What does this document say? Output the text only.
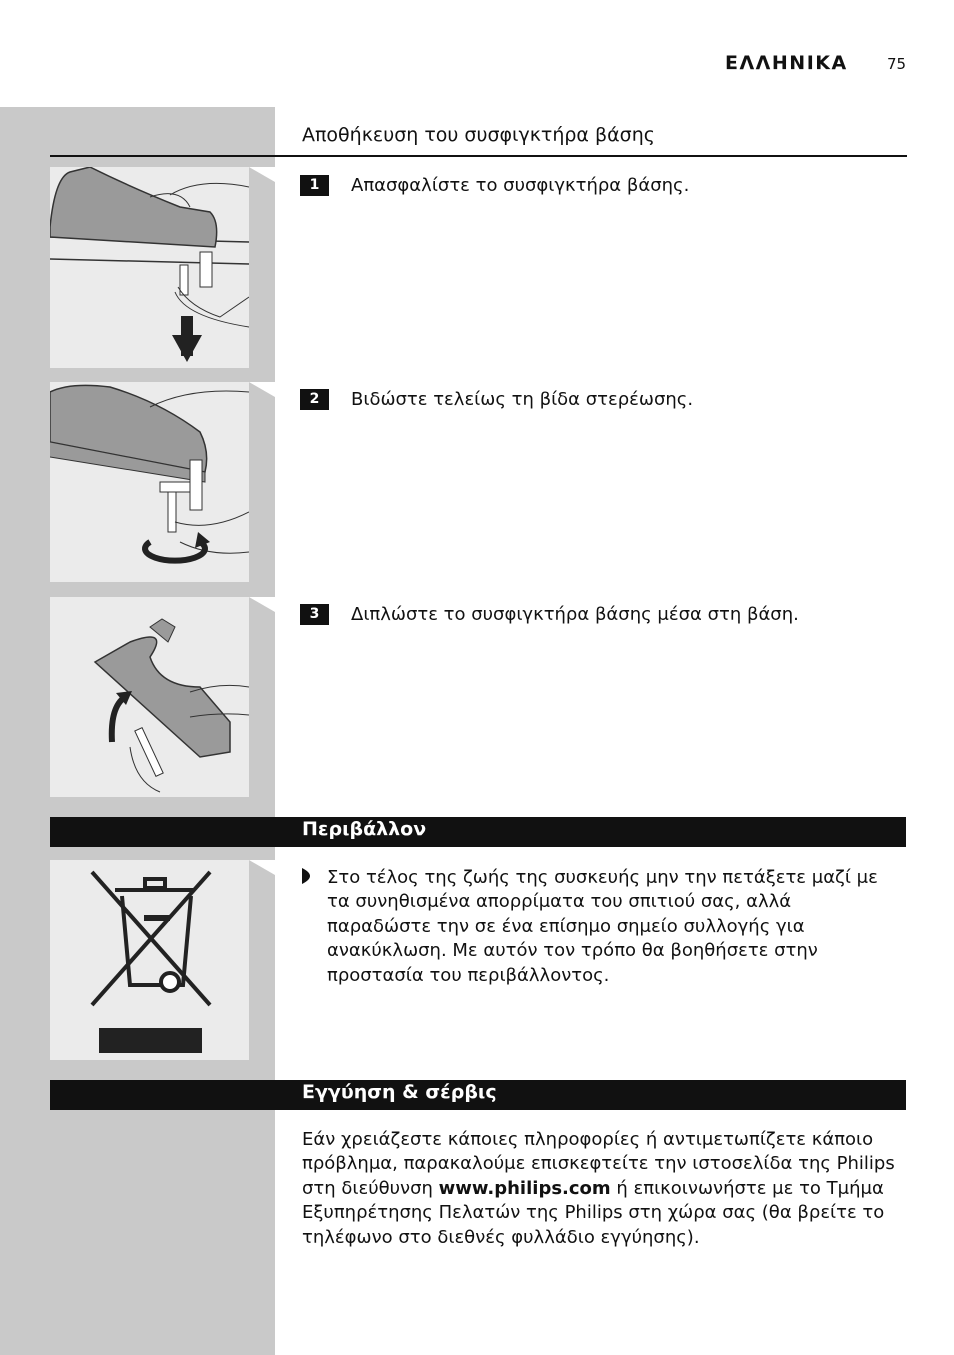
ΕΛΛΗΝΙΚΑ	75
Αποθήκευση του συσφιγκτήρα βάσης
1	Απασφαλίστε το συσφιγκτήρα βάσης.
2	Βιδώστε τελείως τη βίδα στερέωσης.
3	Διπλώστε το συσφιγκτήρα βάσης μέσα στη βάση.
Περιβάλλον
Στο τέλος της ζωής της συσκευής μην την πετάξετε μαζί με
τα συνηθισμένα απορρίματα του σπιτιού σας, αλλά
παραδώστε την σε ένα επίσημο σημείο συλλογής για
ανακύκλωση. Με αυτόν τον τρόπο θα βοηθήσετε στην
προστασία του περιβάλλοντος.
Εγγύηση & σέρβις
Εάν χρειάζεστε κάποιες πληροφορίες ή αντιμετωπίζετε κάποιο
πρόβλημα, παρακαλούμε επισκεφτείτε την ιστοσελίδα της Philips
στη διεύθυνση www.philips.com ή επικοινωνήστε με το Τμήμα
Εξυπηρέτησης Πελατών της Philips στη χώρα σας (θα βρείτε το
τηλέφωνο στο διεθνές φυλλάδιο εγγύησης).
